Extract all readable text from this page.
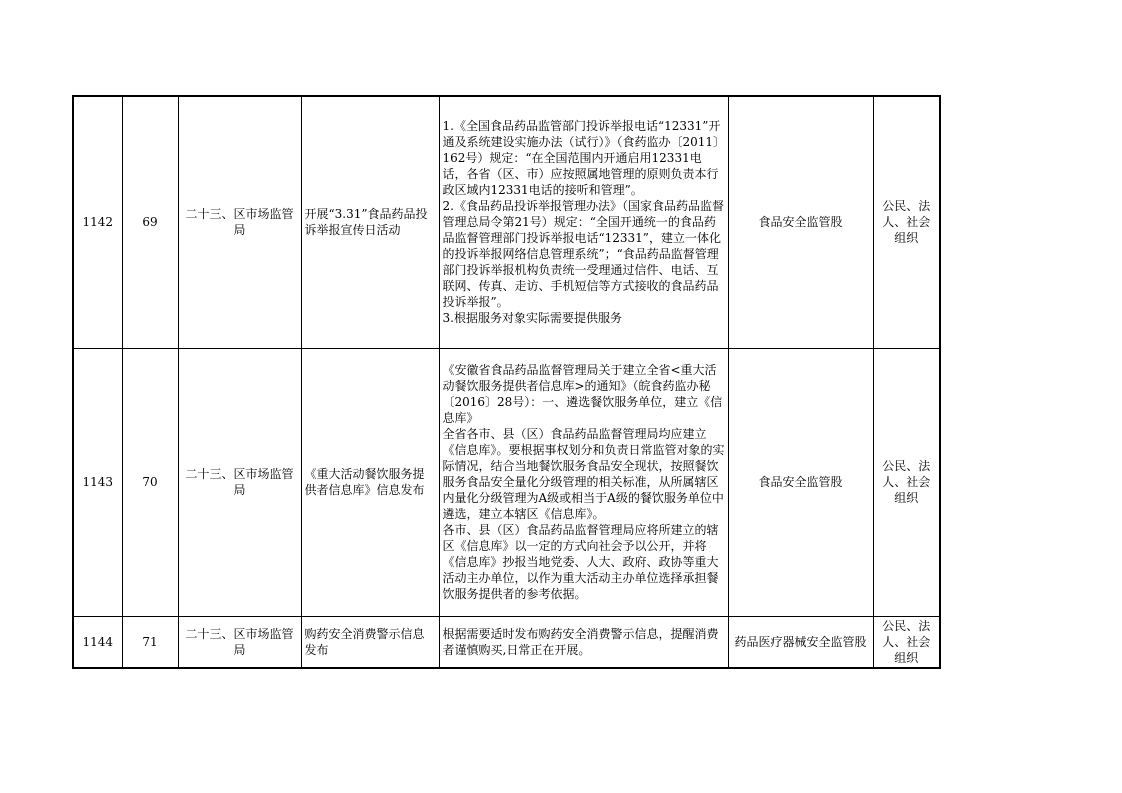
1142	69	二十三、区市场监管局	开展“3.31”食品药品投诉举报宣传日活动	1.《全国食品药品监管部门投诉举报电话“12331”开通及系统建设实施办法（试行）》（食药监办〔2011〕162号）规定：“在全国范围内开通启用12331电话，各省（区、市）应按照属地管理的原则负责本行政区域内12331电话的接听和管理”。
2.《食品药品投诉举报管理办法》（国家食品药品监督管理总局令第21号）规定：“全国开通统一的食品药品监督管理部门投诉举报电话“12331”，建立一体化的投诉举报网络信息管理系统”；“食品药品监督管理部门投诉举报机构负责统一受理通过信件、电话、互联网、传真、走访、手机短信等方式接收的食品药品投诉举报”。
3.根据服务对象实际需要提供服务	食品安全监管股	公民、法人、社会组织
1143	70	二十三、区市场监管局	《重大活动餐饮服务提供者信息库》信息发布	《安徽省食品药品监督管理局关于建立全省<重大活动餐饮服务提供者信息库>的通知》（皖食药监办秘〔2016〕28号）：一、遴选餐饮服务单位，建立《信息库》
全省各市、县（区）食品药品监督管理局均应建立《信息库》。要根据事权划分和负责日常监管对象的实际情况，结合当地餐饮服务食品安全现状，按照餐饮服务食品安全量化分级管理的相关标准，从所属辖区内量化分级管理为A级或相当于A级的餐饮服务单位中遴选，建立本辖区《信息库》。
各市、县（区）食品药品监督管理局应将所建立的辖区《信息库》以一定的方式向社会予以公开，并将《信息库》抄报当地党委、人大、政府、政协等重大活动主办单位，以作为重大活动主办单位选择承担餐饮服务提供者的参考依据。	食品安全监管股	公民、法人、社会组织
1144	71	二十三、区市场监管局	购药安全消费警示信息发布	根据需要适时发布购药安全消费警示信息，提醒消费者谨慎购买,日常正在开展。	药品医疗器械安全监管股	公民、法人、社会组织
